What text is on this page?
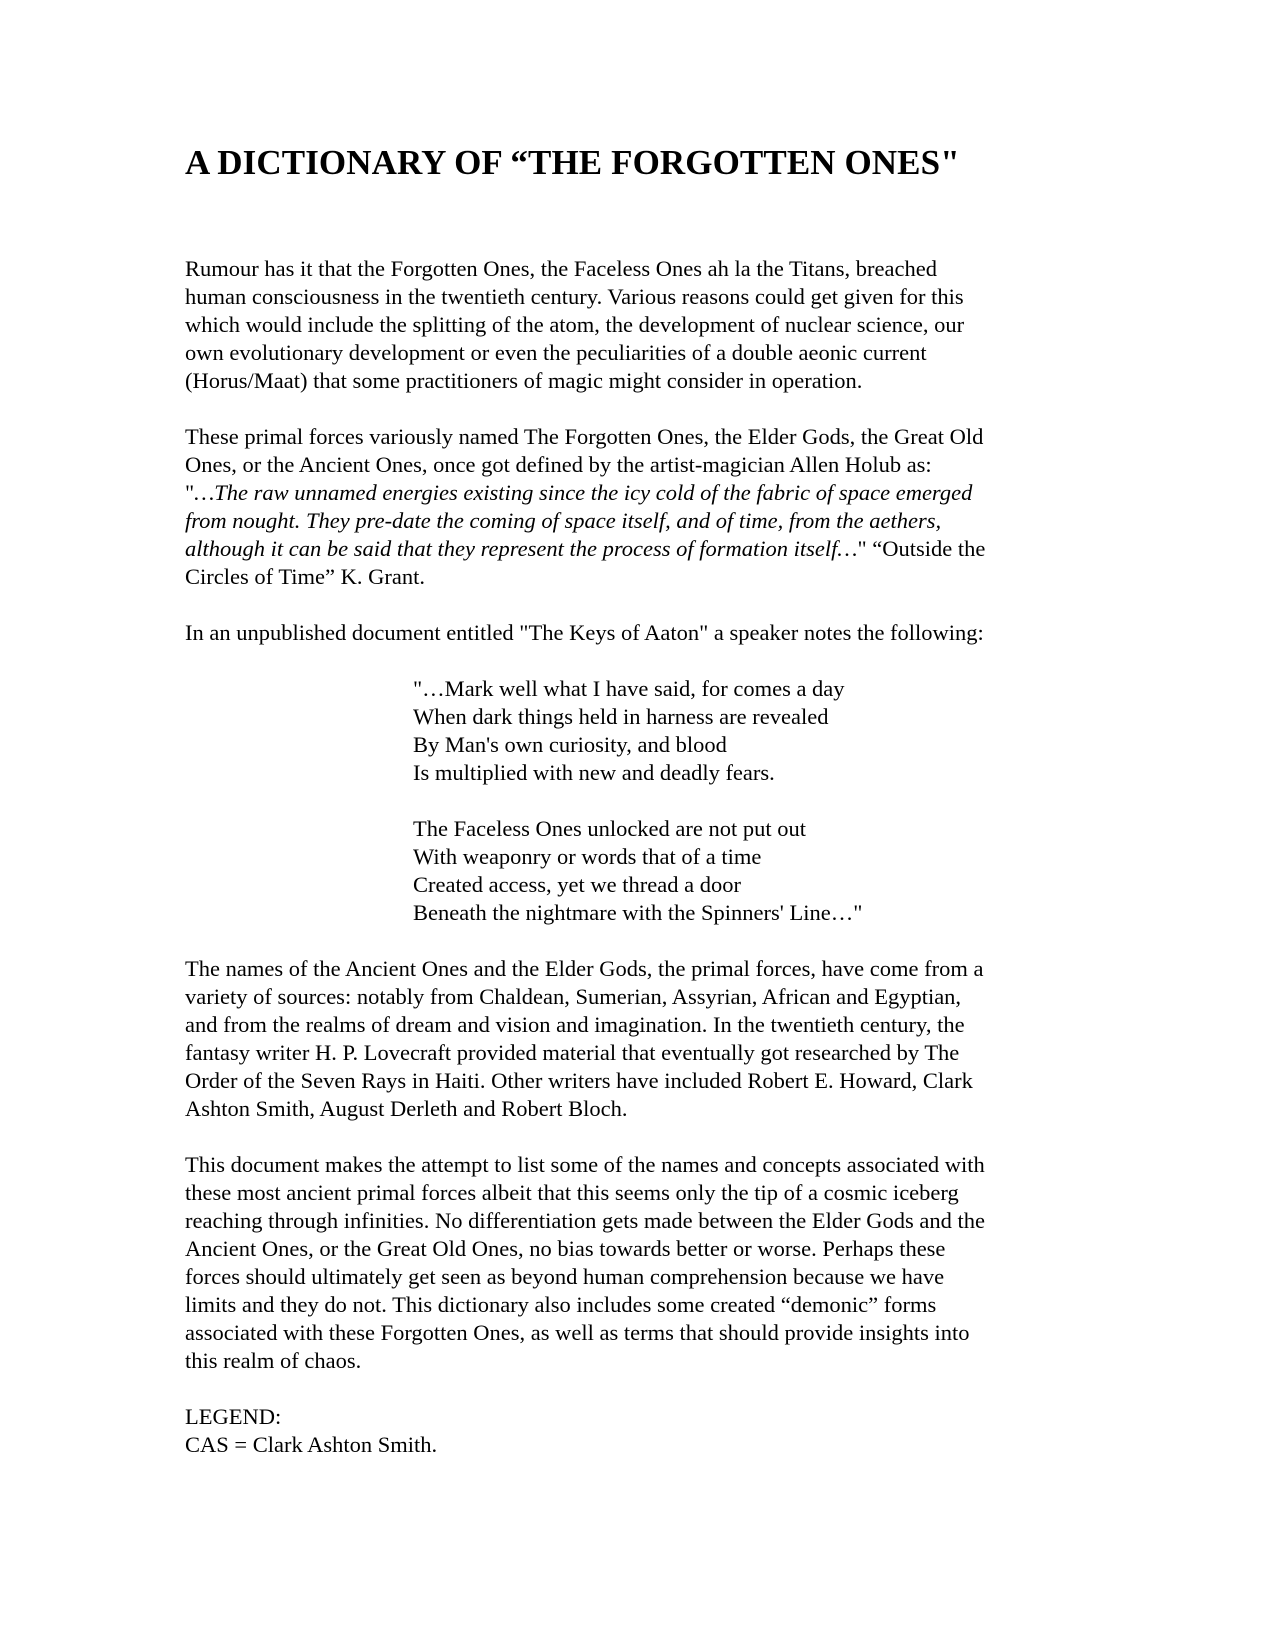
A DICTIONARY OF “THE FORGOTTEN ONES"
Rumour has it that the Forgotten Ones, the Faceless Ones ah la the Titans, breached
human consciousness in the twentieth century. Various reasons could get given for this
which would include the splitting of the atom, the development of nuclear science, our
own evolutionary development or even the peculiarities of a double aeonic current
(Horus/Maat) that some practitioners of magic might consider in operation.
These primal forces variously named The Forgotten Ones, the Elder Gods, the Great Old
Ones, or the Ancient Ones, once got defined by the artist-magician Allen Holub as:
"…The raw unnamed energies existing since the icy cold of the fabric of space emerged
from nought. They pre-date the coming of space itself, and of time, from the aethers,
although it can be said that they represent the process of formation itself…" “Outside the
Circles of Time” K. Grant.
In an unpublished document entitled "The Keys of Aaton" a speaker notes the following:
"…Mark well what I have said, for comes a day
When dark things held in harness are revealed
By Man's own curiosity, and blood
Is multiplied with new and deadly fears.
The Faceless Ones unlocked are not put out
With weaponry or words that of a time
Created access, yet we thread a door
Beneath the nightmare with the Spinners' Line…"
The names of the Ancient Ones and the Elder Gods, the primal forces, have come from a
variety of sources: notably from Chaldean, Sumerian, Assyrian, African and Egyptian,
and from the realms of dream and vision and imagination. In the twentieth century, the
fantasy writer H. P. Lovecraft provided material that eventually got researched by The
Order of the Seven Rays in Haiti. Other writers have included Robert E. Howard, Clark
Ashton Smith, August Derleth and Robert Bloch.
This document makes the attempt to list some of the names and concepts associated with
these most ancient primal forces albeit that this seems only the tip of a cosmic iceberg
reaching through infinities. No differentiation gets made between the Elder Gods and the
Ancient Ones, or the Great Old Ones, no bias towards better or worse. Perhaps these
forces should ultimately get seen as beyond human comprehension because we have
limits and they do not. This dictionary also includes some created “demonic” forms
associated with these Forgotten Ones, as well as terms that should provide insights into
this realm of chaos.
LEGEND:
CAS = Clark Ashton Smith.
